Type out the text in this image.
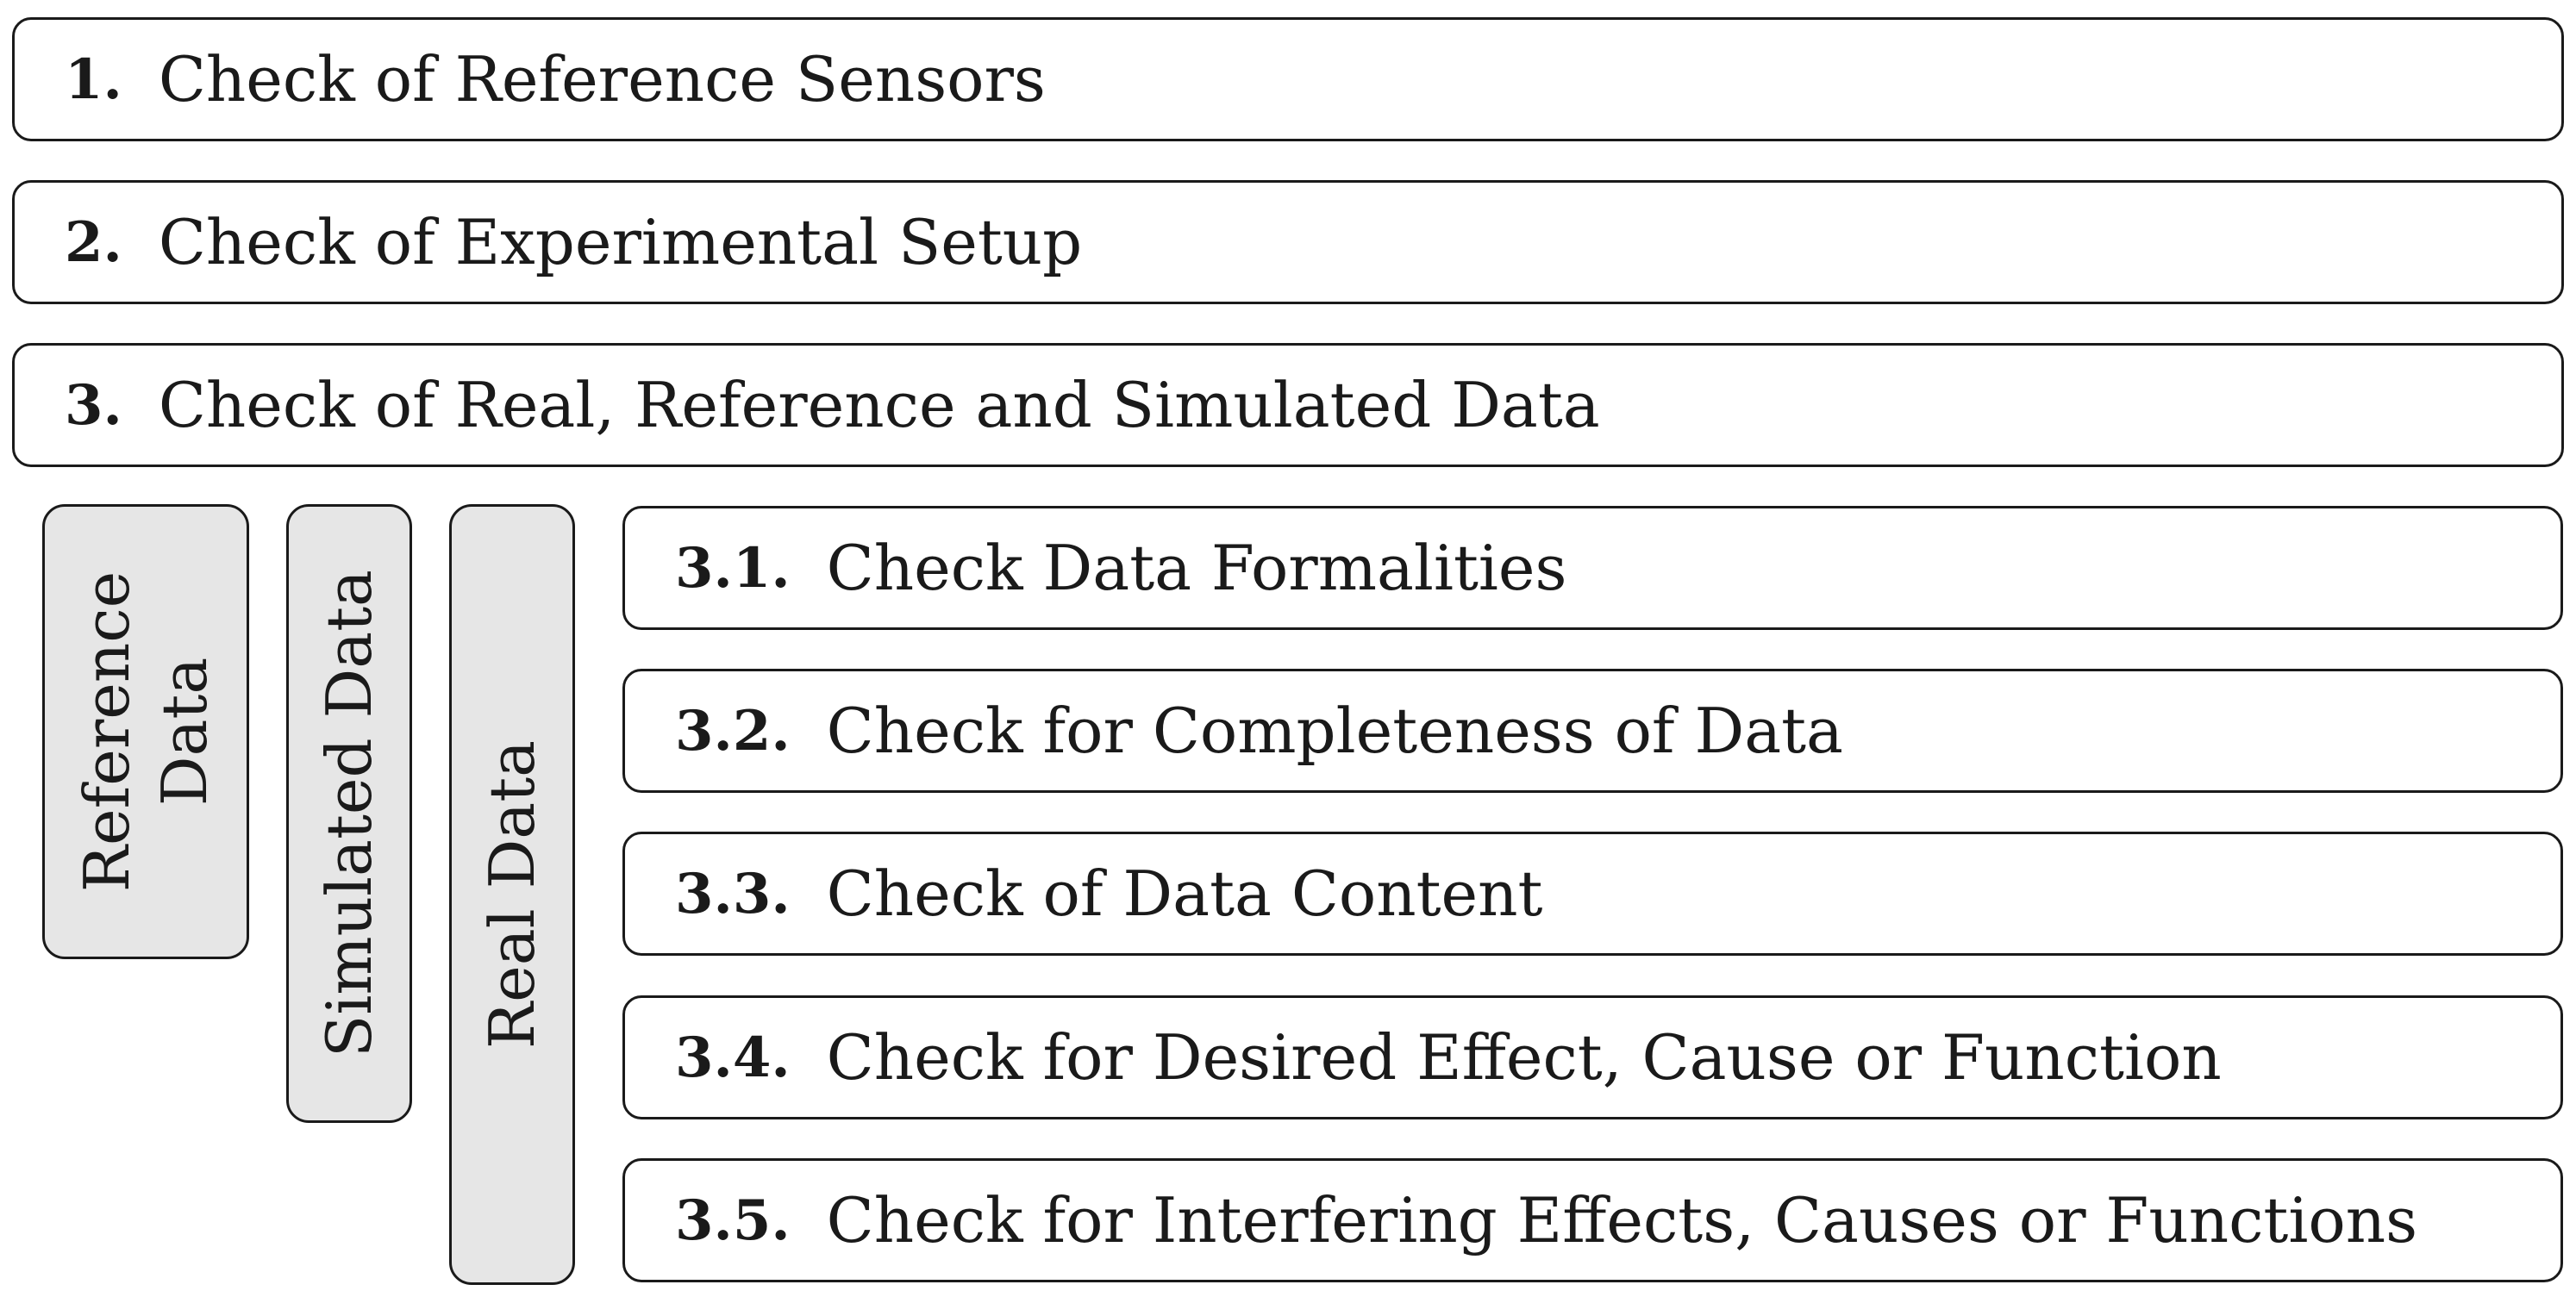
1. Check of Reference Sensors
2. Check of Experimental Setup
3. Check of Real, Reference and Simulated Data
Reference Data Simulated Data Real Data
3.1. Check Data Formalities
3.2. Check for Completeness of Data
3.3. Check of Data Content
3.4. Check for Desired Effect, Cause or Function
3.5. Check for Interfering Effects, Causes or Functions
